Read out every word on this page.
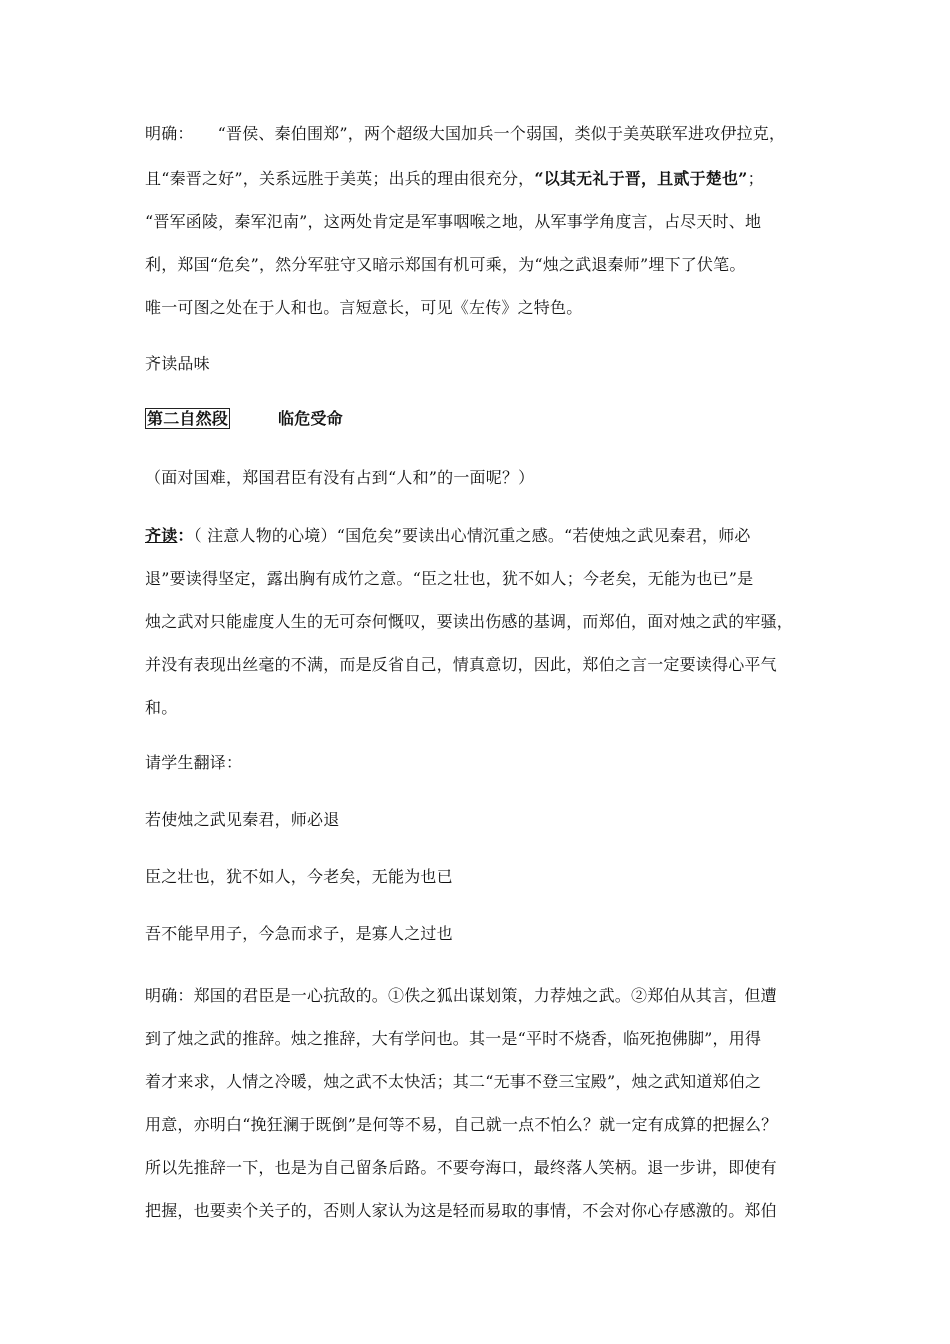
明确： “晋侯、秦伯围郑”，两个超级大国加兵一个弱国，类似于美英联军进攻伊拉克，
且“秦晋之好”，关系远胜于美英；出兵的理由很充分，“以其无礼于晋，且贰于楚也”；
“晋军函陵，秦军氾南”，这两处肯定是军事咽喉之地，从军事学角度言，占尽天时、地
利，郑国“危矣”，然分军驻守又暗示郑国有机可乘，为“烛之武退秦师”埋下了伏笔。
唯一可图之处在于人和也。言短意长，可见《左传》之特色。
齐读品味
第二自然段	临危受命
（面对国难，郑国君臣有没有占到“人和”的一面呢？）
齐读：（ 注意人物的心境）“国危矣”要读出心情沉重之感。“若使烛之武见秦君，师必
退”要读得坚定，露出胸有成竹之意。“臣之壮也，犹不如人；今老矣，无能为也已”是
烛之武对只能虚度人生的无可奈何慨叹，要读出伤感的基调，而郑伯，面对烛之武的牢骚，
并没有表现出丝毫的不满，而是反省自己，情真意切，因此，郑伯之言一定要读得心平气
和。
请学生翻译：
若使烛之武见秦君，师必退
臣之壮也，犹不如人，今老矣，无能为也已
吾不能早用子，今急而求子，是寡人之过也
明确：郑国的君臣是一心抗敌的。①佚之狐出谋划策，力荐烛之武。②郑伯从其言，但遭
到了烛之武的推辞。烛之推辞，大有学问也。其一是“平时不烧香，临死抱佛脚”，用得
着才来求，人情之冷暖，烛之武不太快活；其二“无事不登三宝殿”，烛之武知道郑伯之
用意，亦明白“挽狂澜于既倒”是何等不易，自己就一点不怕么？就一定有成算的把握么？
所以先推辞一下，也是为自己留条后路。不要夸海口，最终落人笑柄。退一步讲，即使有
把握，也要卖个关子的，否则人家认为这是轻而易取的事情，不会对你心存感激的。郑伯
